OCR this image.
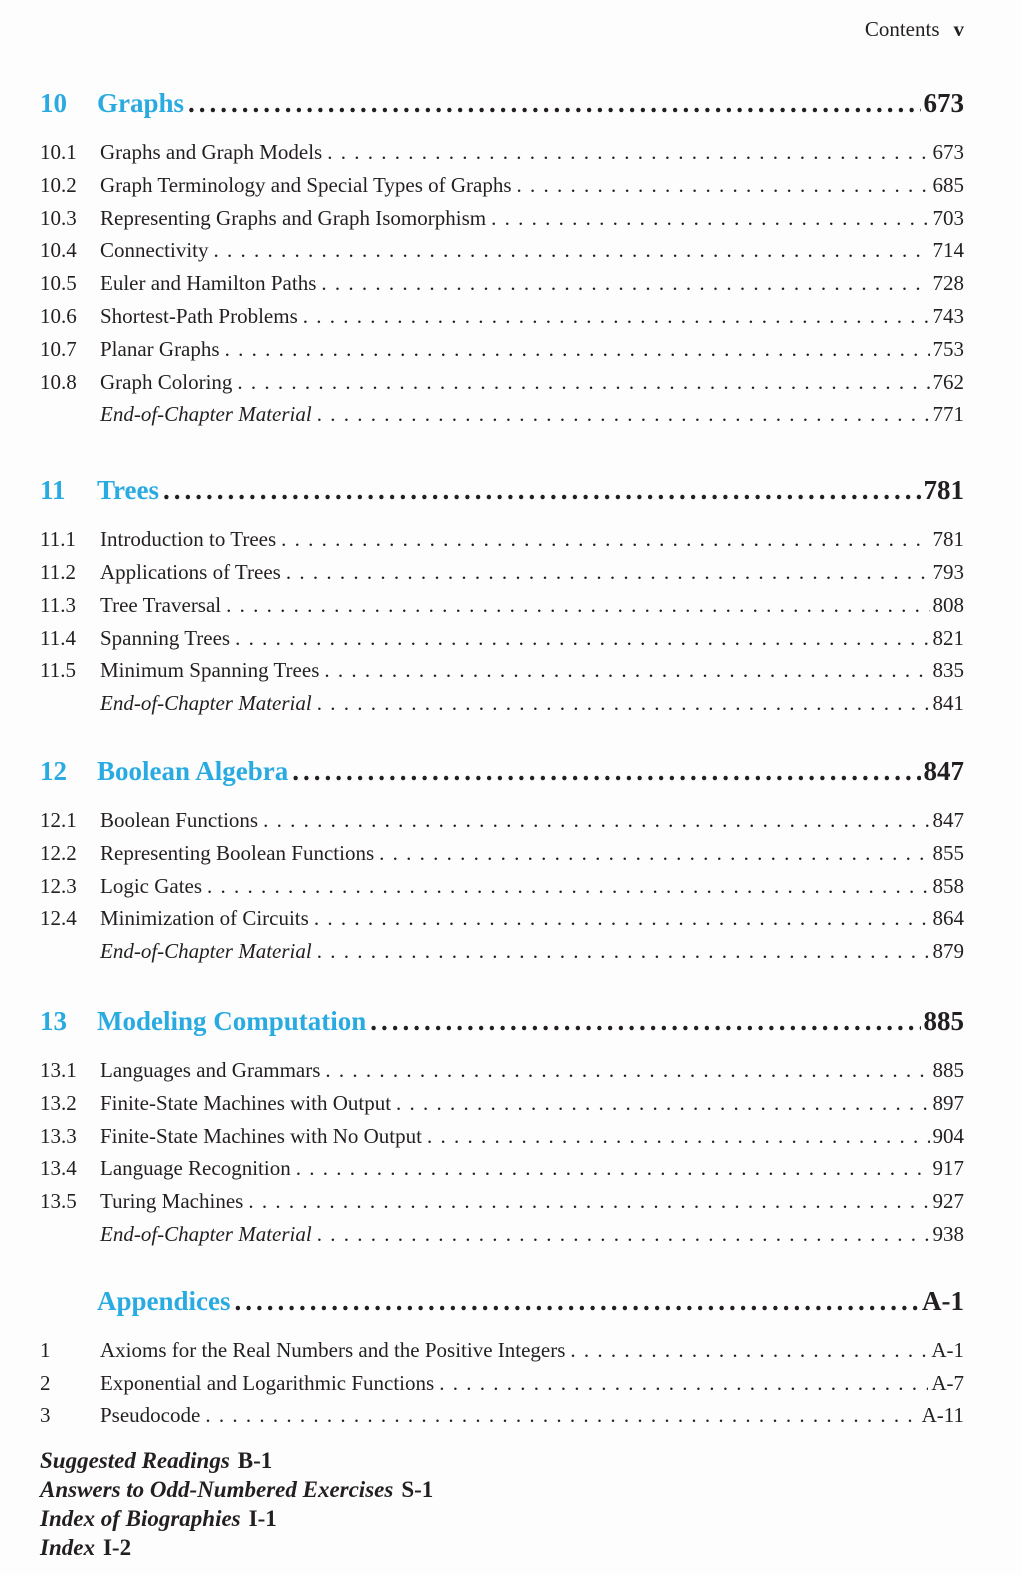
Contents v
10	Graphs .....	673
10.1	Graphs and Graph Models . . .	673
10.2	Graph Terminology and Special Types of Graphs . . .	685
10.3	Representing Graphs and Graph Isomorphism . . .	703
10.4	Connectivity . . .	714
10.5	Euler and Hamilton Paths . . .	728
10.6	Shortest-Path Problems . . .	743
10.7	Planar Graphs . . .	753
10.8	Graph Coloring . . .	762
End-of-Chapter Material . . .	771
11	Trees .....	781
11.1	Introduction to Trees . . .	781
11.2	Applications of Trees . . .	793
11.3	Tree Traversal . . .	808
11.4	Spanning Trees . . .	821
11.5	Minimum Spanning Trees . . .	835
End-of-Chapter Material . . .	841
12	Boolean Algebra .....	847
12.1	Boolean Functions . . .	847
12.2	Representing Boolean Functions . . .	855
12.3	Logic Gates . . .	858
12.4	Minimization of Circuits . . .	864
End-of-Chapter Material . . .	879
13	Modeling Computation .....	885
13.1	Languages and Grammars . . .	885
13.2	Finite-State Machines with Output . . .	897
13.3	Finite-State Machines with No Output . . .	904
13.4	Language Recognition . . .	917
13.5	Turing Machines . . .	927
End-of-Chapter Material . . .	938
Appendices .....	A-1
1	Axioms for the Real Numbers and the Positive Integers . . .	A-1
2	Exponential and Logarithmic Functions . . .	A-7
3	Pseudocode . . .	A-11
Suggested Readings B-1
Answers to Odd-Numbered Exercises S-1
Index of Biographies I-1
Index I-2
